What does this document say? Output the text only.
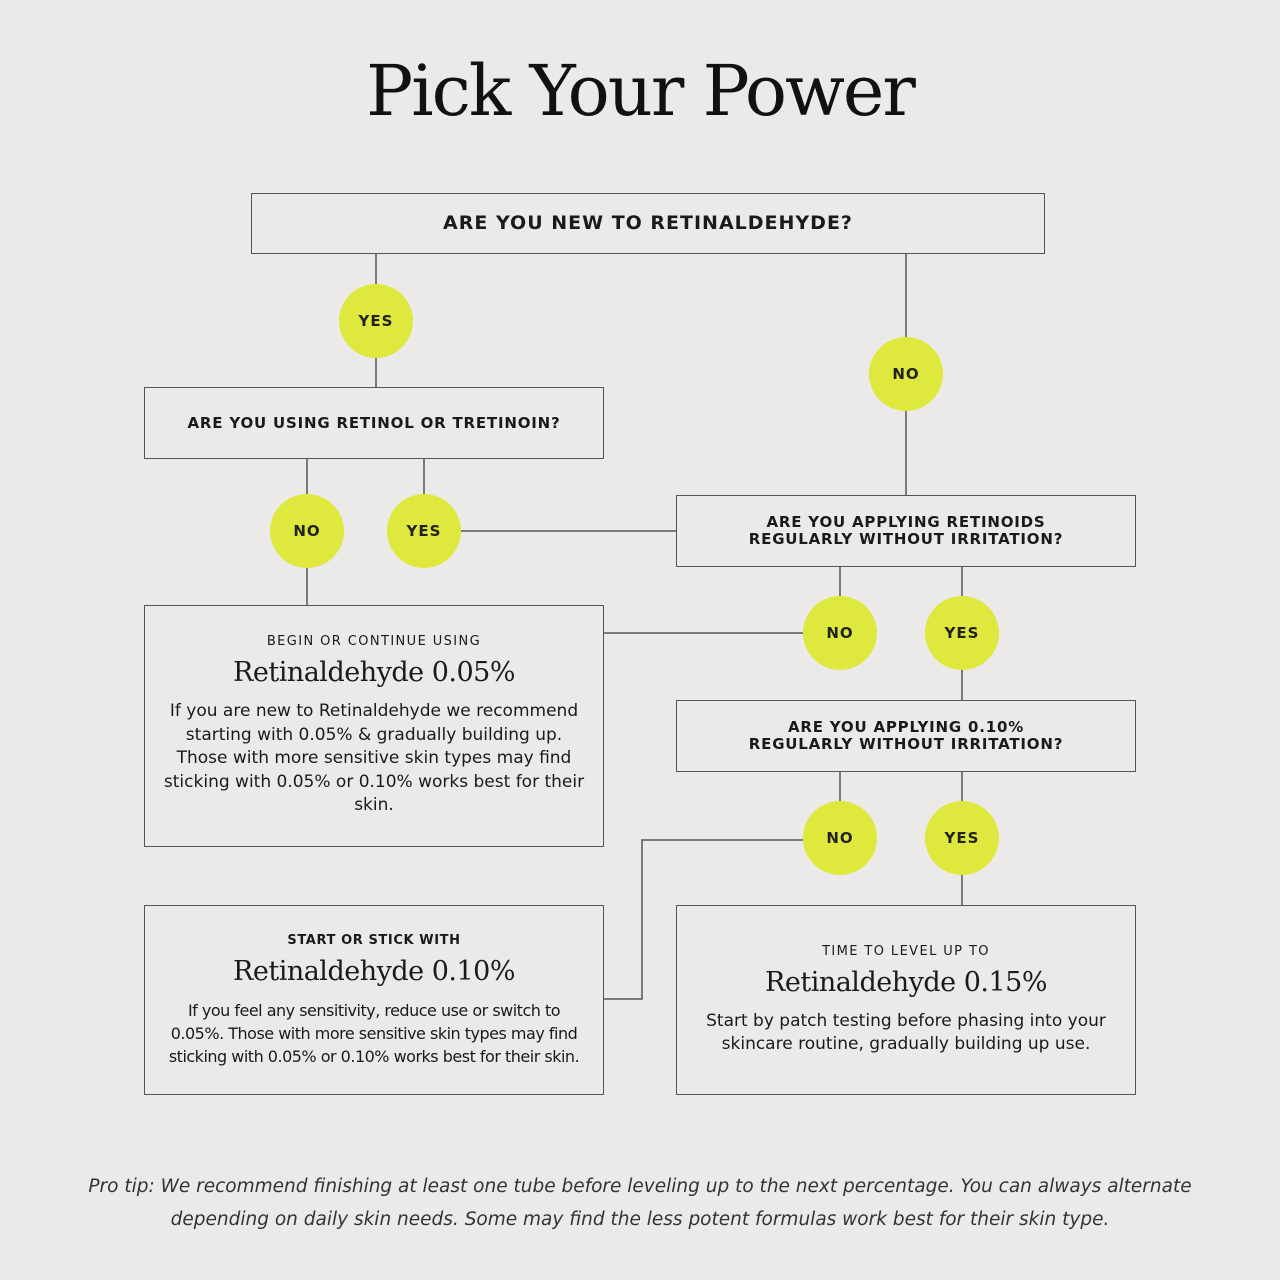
Pick Your Power
ARE YOU NEW TO RETINALDEHYDE?
ARE YOU USING RETINOL OR TRETINOIN?
ARE YOU APPLYING RETINOIDS
REGULARLY WITHOUT IRRITATION?
ARE YOU APPLYING 0.10%
REGULARLY WITHOUT IRRITATION?
BEGIN OR CONTINUE USING
Retinaldehyde 0.05%
If you are new to Retinaldehyde we recommend starting with 0.05% & gradually building up. Those with more sensitive skin types may find sticking with 0.05% or 0.10% works best for their skin.
START OR STICK WITH
Retinaldehyde 0.10%
If you feel any sensitivity, reduce use or switch to 0.05%. Those with more sensitive skin types may find sticking with 0.05% or 0.10% works best for their skin.
TIME TO LEVEL UP TO
Retinaldehyde 0.15%
Start by patch testing before phasing into your skincare routine, gradually building up use.
YES
NO
NO	YES
NO	YES
NO	YES
Pro tip: We recommend finishing at least one tube before leveling up to the next percentage. You can always alternate depending on daily skin needs. Some may find the less potent formulas work best for their skin type.
